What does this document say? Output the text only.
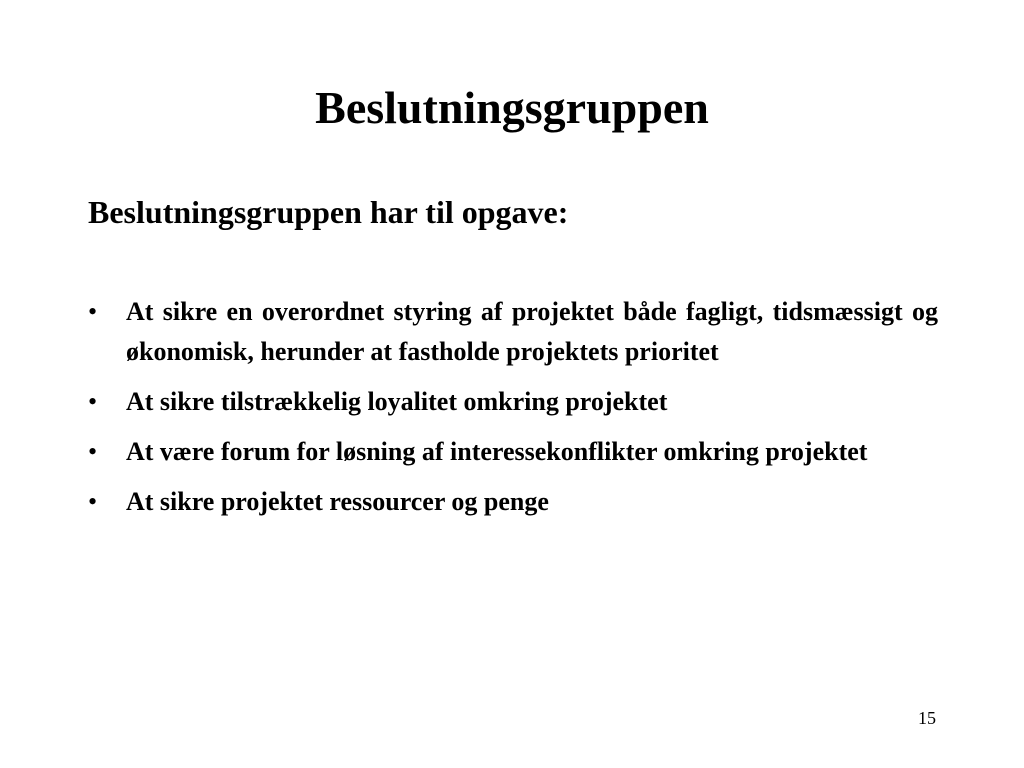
Beslutningsgruppen

Beslutningsgruppen har til opgave:

•	At sikre en overordnet styring af projektet både fagligt, tidsmæssigt og økonomisk, herunder at fastholde projektets prioritet
•	At sikre tilstrækkelig loyalitet omkring projektet
•	At være forum for løsning af interessekonflikter omkring projektet
•	At sikre projektet ressourcer og penge
15
